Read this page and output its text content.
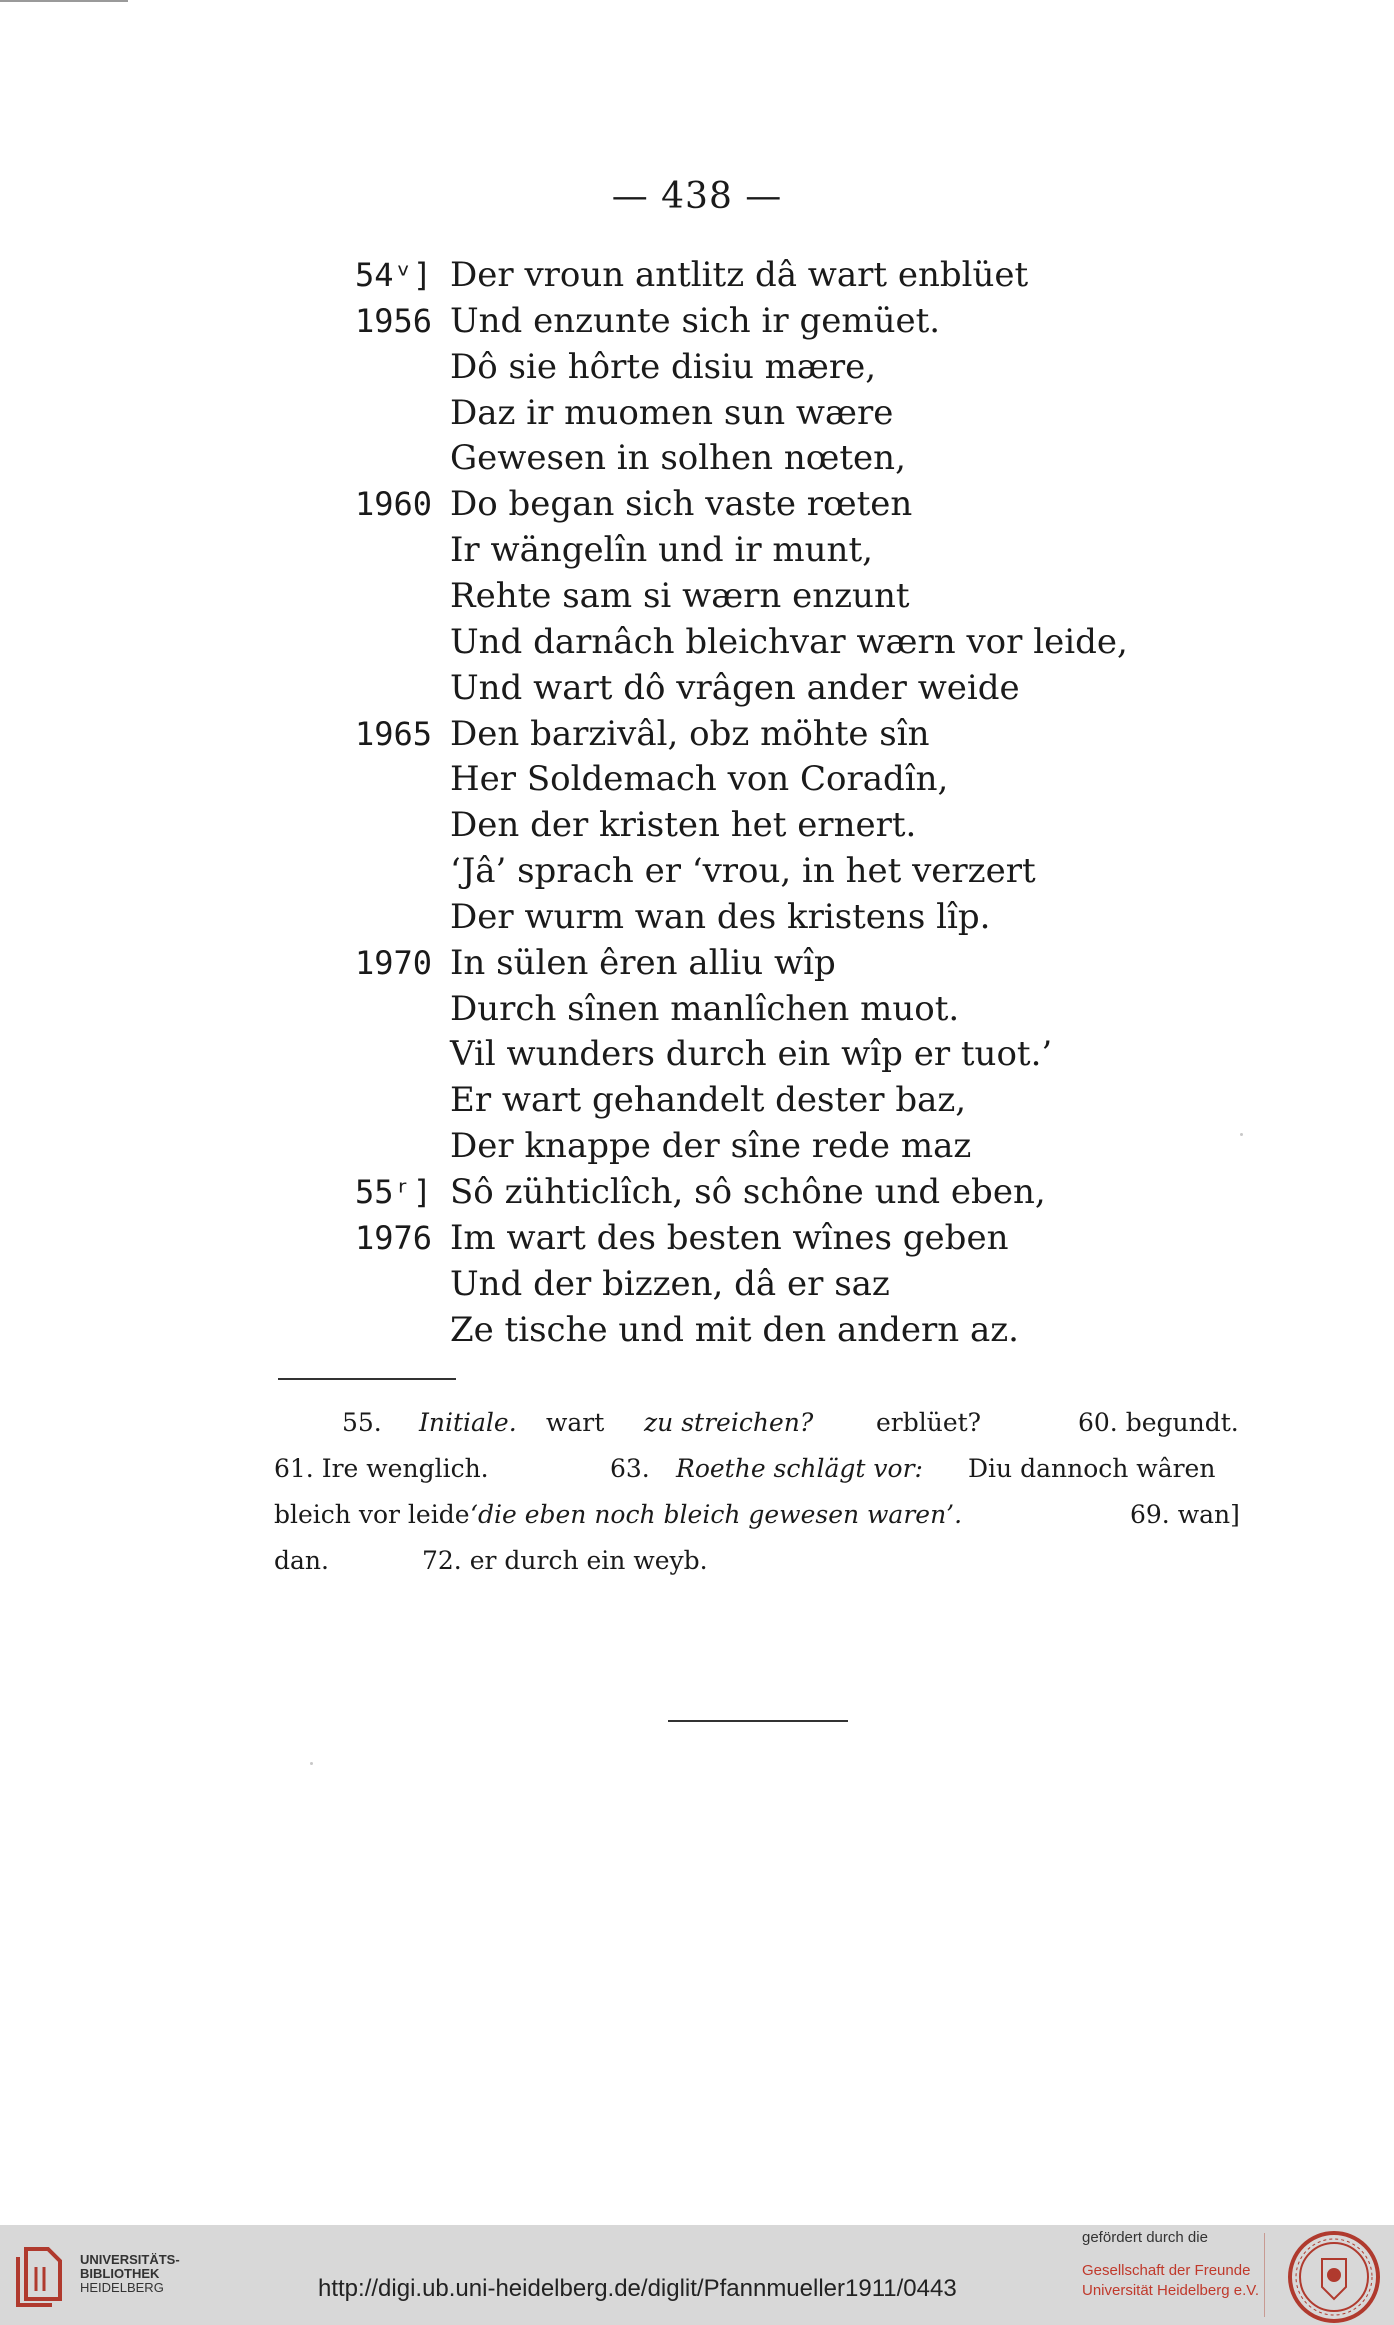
— 438 —
54ᵛ] Der vroun antlitz dâ wart enblüet
1956 Und enzunte sich ir gemüet.
Dô sie hôrte disiu mære,
Daz ir muomen sun wære
Gewesen in solhen nœten,
1960 Do began sich vaste rœten
Ir wängelîn und ir munt,
Rehte sam si wærn enzunt
Und darnâch bleichvar wærn vor leide,
Und wart dô vrâgen ander weide
1965 Den barzivâl, obz möhte sîn
Her Soldemach von Coradîn,
Den der kristen het ernert.
‘Jâ’ sprach er ‘vrou, in het verzert
Der wurm wan des kristens lîp.
1970 In sülen êren alliu wîp
Durch sînen manlîchen muot.
Vil wunders durch ein wîp er tuot.’
Er wart gehandelt dester baz,
Der knappe der sîne rede maz
55ʳ] Sô zühticlîch, sô schône und eben,
1976 Im wart des besten wînes geben
Und der bizzen, dâ er saz
Ze tische und mit den andern az.
55. Initiale. wart zu streichen?	erblüet?	60. begundt.
61. Ire wenglich.	63. Roethe schlägt vor: Diu dannoch wâren
bleich vor leide ‘die eben noch bleich gewesen waren’.	69. wan]
dan.	72. er durch ein weyb.
UNIVERSITÄTS-
BIBLIOTHEK
HEIDELBERG	http://digi.ub.uni-heidelberg.de/diglit/Pfannmueller1911/0443
gefördert durch die
Gesellschaft der Freunde
Universität Heidelberg e.V.
